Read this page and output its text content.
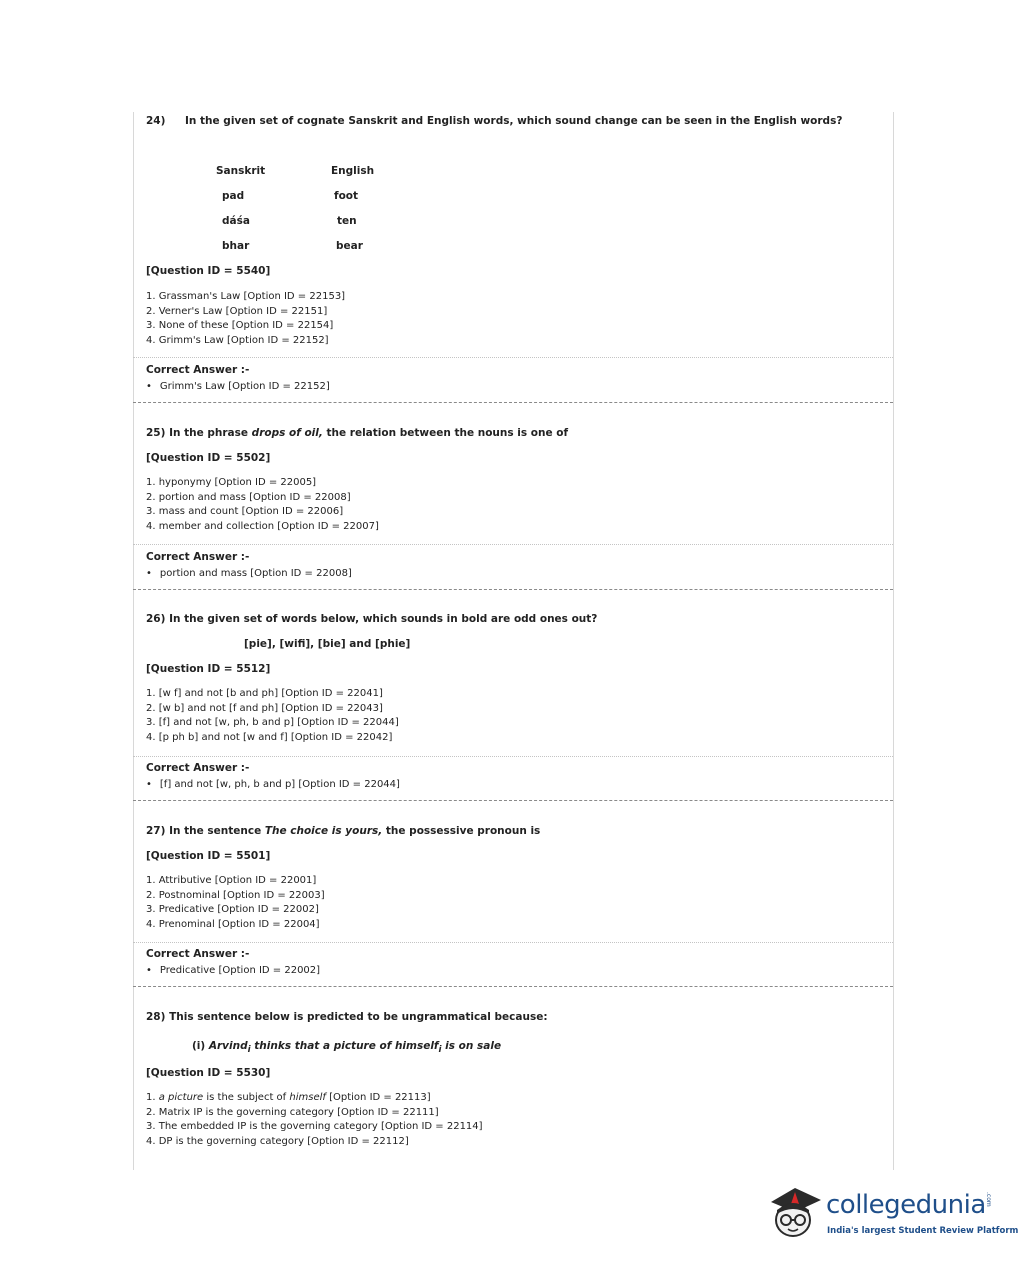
24) In the given set of cognate Sanskrit and English words, which sound change can be seen in the English words?
Sanskrit	English
pad	foot
dáśa	ten
bhar	bear
[Question ID = 5540]
1. Grassman's Law [Option ID = 22153]
2. Verner's Law [Option ID = 22151]
3. None of these [Option ID = 22154]
4. Grimm's Law [Option ID = 22152]
Correct Answer :-
• Grimm's Law [Option ID = 22152]
25) In the phrase drops of oil, the relation between the nouns is one of
[Question ID = 5502]
1. hyponymy [Option ID = 22005]
2. portion and mass [Option ID = 22008]
3. mass and count [Option ID = 22006]
4. member and collection [Option ID = 22007]
Correct Answer :-
• portion and mass [Option ID = 22008]
26) In the given set of words below, which sounds in bold are odd ones out?
[pie], [wifi], [bie] and [phie]
[Question ID = 5512]
1. [w f] and not [b and ph] [Option ID = 22041]
2. [w b] and not [f and ph] [Option ID = 22043]
3. [f] and not [w, ph, b and p] [Option ID = 22044]
4. [p ph b] and not [w and f] [Option ID = 22042]
Correct Answer :-
• [f] and not [w, ph, b and p] [Option ID = 22044]
27) In the sentence The choice is yours, the possessive pronoun is
[Question ID = 5501]
1. Attributive [Option ID = 22001]
2. Postnominal [Option ID = 22003]
3. Predicative [Option ID = 22002]
4. Prenominal [Option ID = 22004]
Correct Answer :-
• Predicative [Option ID = 22002]
28) This sentence below is predicted to be ungrammatical because:
(i) Arvind$_i$ thinks that a picture of himself$_i$ is on sale
[Question ID = 5530]
1. a picture is the subject of himself [Option ID = 22113]
2. Matrix IP is the governing category [Option ID = 22111]
3. The embedded IP is the governing category [Option ID = 22114]
4. DP is the governing category [Option ID = 22112]
collegedunia .com
India's largest Student Review Platform
